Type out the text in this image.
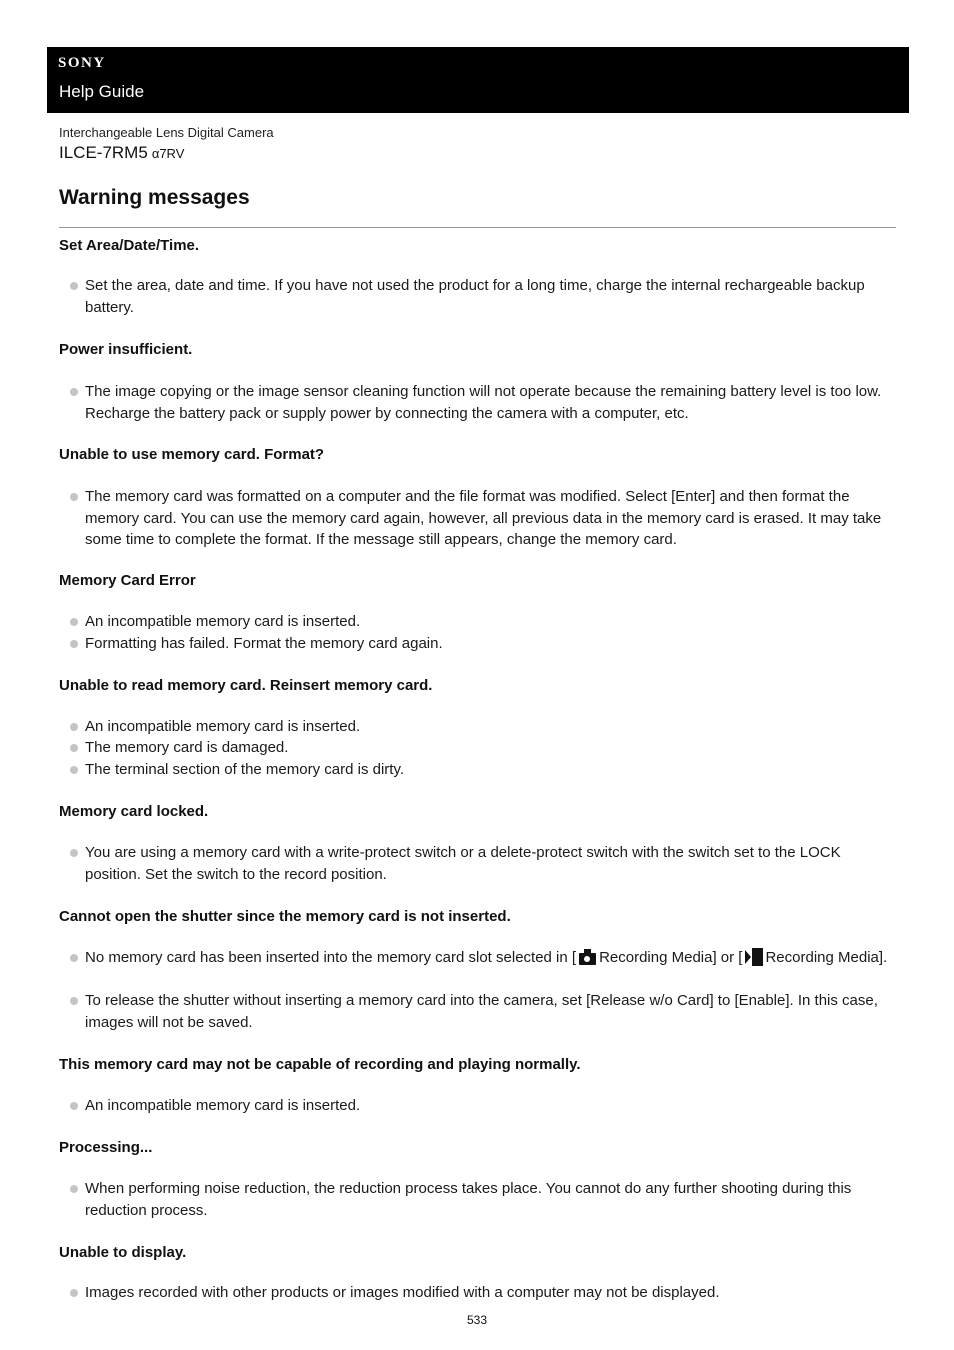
SONY
Help Guide
Interchangeable Lens Digital Camera
ILCE-7RM5 α7RV
Warning messages
Set Area/Date/Time.
Set the area, date and time. If you have not used the product for a long time, charge the internal rechargeable backup battery.
Power insufficient.
The image copying or the image sensor cleaning function will not operate because the remaining battery level is too low. Recharge the battery pack or supply power by connecting the camera with a computer, etc.
Unable to use memory card. Format?
The memory card was formatted on a computer and the file format was modified. Select [Enter] and then format the memory card. You can use the memory card again, however, all previous data in the memory card is erased. It may take some time to complete the format. If the message still appears, change the memory card.
Memory Card Error
An incompatible memory card is inserted.
Formatting has failed. Format the memory card again.
Unable to read memory card. Reinsert memory card.
An incompatible memory card is inserted.
The memory card is damaged.
The terminal section of the memory card is dirty.
Memory card locked.
You are using a memory card with a write-protect switch or a delete-protect switch with the switch set to the LOCK position. Set the switch to the record position.
Cannot open the shutter since the memory card is not inserted.
No memory card has been inserted into the memory card slot selected in [ Recording Media] or [ Recording Media].
To release the shutter without inserting a memory card into the camera, set [Release w/o Card] to [Enable]. In this case, images will not be saved.
This memory card may not be capable of recording and playing normally.
An incompatible memory card is inserted.
Processing...
When performing noise reduction, the reduction process takes place. You cannot do any further shooting during this reduction process.
Unable to display.
Images recorded with other products or images modified with a computer may not be displayed.
533
